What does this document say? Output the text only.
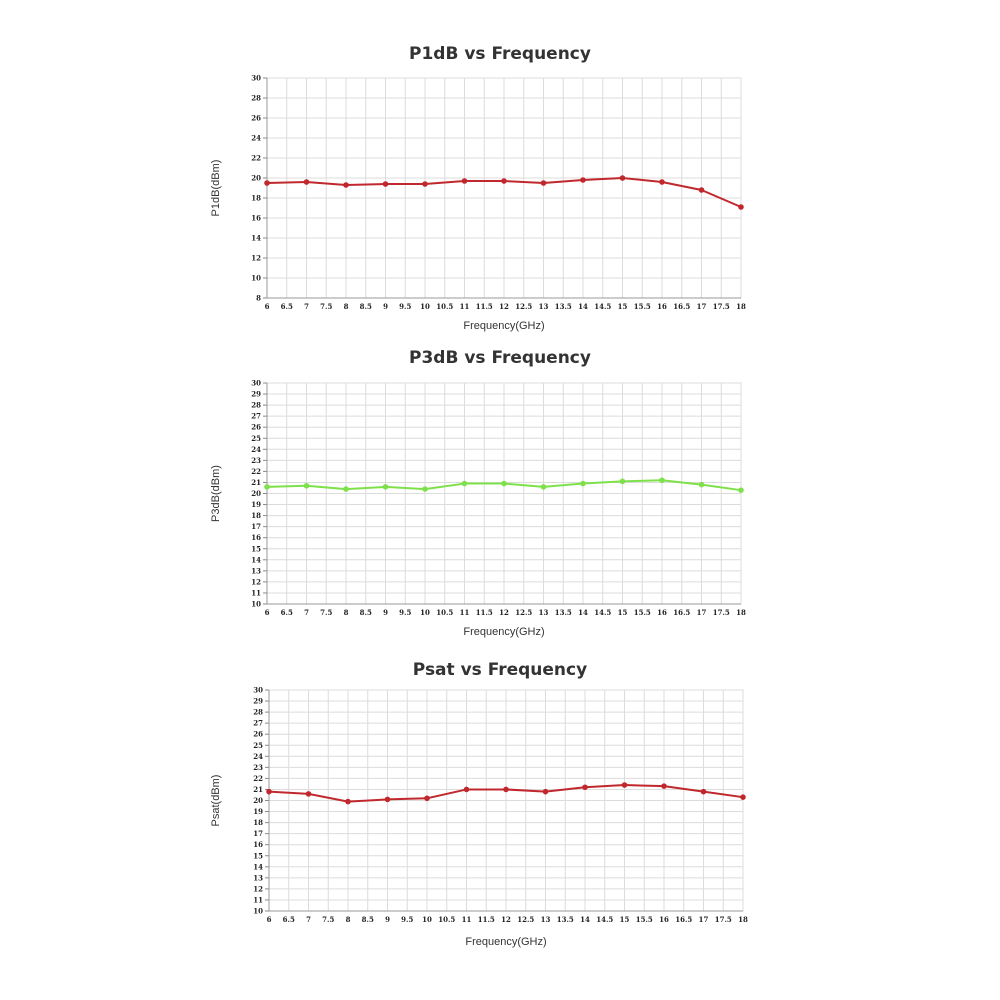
P1dB vs Frequency
P3dB vs Frequency
Psat vs Frequency
6 6.5 7 7.5 8 8.5 9 9.5 10 10.5 11 11.5 12 12.5 13 13.5 14 14.5 15 15.5 16 16.5 17 17.5 18
8
10
12
14
16
18
20
22
24
26
28
30
Frequency(GHz)
P1dB(dBm)
6 6.5 7 7.5 8 8.5 9 9.5 10 10.5 11 11.5 12 12.5 13 13.5 14 14.5 15 15.5 16 16.5 17 17.5 18
10
11
12
13
14
15
16
17
18
19
20
21
22
23
24
25
26
27
28
29
30
Frequency(GHz)
P3dB(dBm)
6 6.5 7 7.5 8 8.5 9 9.5 10 10.5 11 11.5 12 12.5 13 13.5 14 14.5 15 15.5 16 16.5 17 17.5 18
10
11
12
13
14
15
16
17
18
19
20
21
22
23
24
25
26
27
28
29
30
Frequency(GHz)
Psat(dBm)
